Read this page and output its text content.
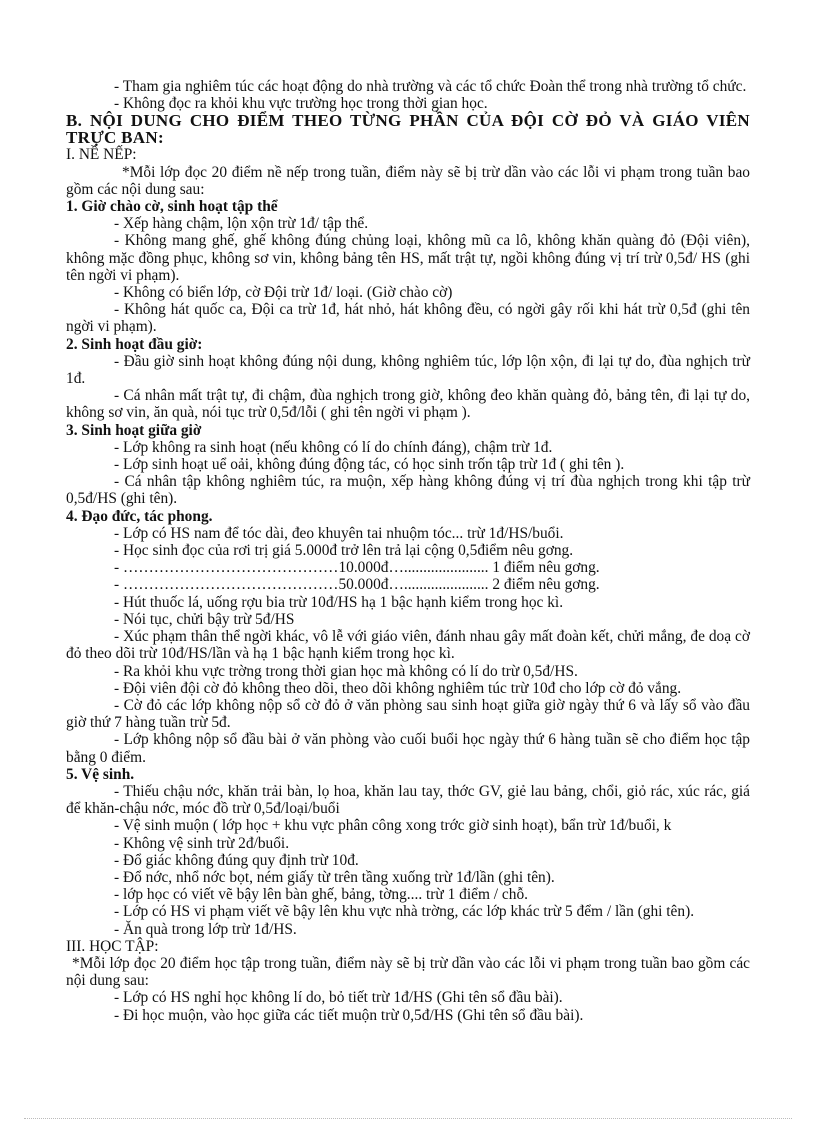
- Tham gia nghiêm túc các hoạt động do nhà trường và các tổ chức Đoàn thể trong nhà trường tổ chức.

- Không đọc ra khỏi khu vực trường học trong thời gian học.

B. NỘI DUNG CHO ĐIỂM THEO TỪNG PHẦN CỦA ĐỘI CỜ ĐỎ VÀ GIÁO VIÊN TRỰC BAN:

I. NỀ NẾP:

*Mỗi lớp đọc 20 điểm nề nếp trong tuần, điểm này sẽ bị trừ dần vào các lỗi vi phạm trong tuần bao gồm các nội dung sau:

1. Giờ chào cờ, sinh hoạt tập thể

- Xếp hàng chậm, lộn xộn trừ 1đ/ tập thể.

- Không mang ghế, ghế không đúng chủng loại, không mũ ca lô, không khăn quàng đỏ (Đội viên), không mặc đồng phục, không sơ vin, không bảng tên HS, mất trật tự, ngồi không đúng vị trí trừ 0,5đ/ HS (ghi tên ngời vi phạm).

- Không có biển lớp, cờ Đội trừ 1đ/ loại. (Giờ chào cờ)

- Không hát quốc ca, Đội ca trừ 1đ, hát nhỏ, hát không đều, có ngời gây rối khi hát trừ 0,5đ (ghi tên ngời vi phạm).

2. Sinh hoạt đầu giờ:

- Đầu giờ sinh hoạt không đúng nội dung, không nghiêm túc, lớp lộn xộn, đi lại tự do, đùa nghịch trừ 1đ.

- Cá nhân mất trật tự, đi chậm, đùa nghịch trong giờ, không đeo khăn quàng đỏ, bảng tên, đi lại tự do, không sơ vin, ăn quà, nói tục trừ 0,5đ/lỗi ( ghi tên ngời vi phạm ).

3. Sinh hoạt giữa giờ

- Lớp không ra sinh hoạt (nếu không có lí do chính đáng), chậm trừ 1đ.

- Lớp sinh hoạt uể oải, không đúng động tác, có học sinh trốn tập trừ 1đ ( ghi tên ).

- Cá nhân tập không nghiêm túc, ra muộn, xếp hàng không đúng vị trí đùa nghịch trong khi tập trừ 0,5đ/HS (ghi tên).

4. Đạo đức, tác phong.

- Lớp có HS nam để tóc dài, đeo khuyên tai nhuộm tóc... trừ 1đ/HS/buổi.

- Học sinh đọc của rơi trị giá 5.000đ trở lên trả lại cộng 0,5điểm nêu gơng.

- ……………………………………10.000đ…...................... 1 điểm nêu gơng.

- ……………………………………50.000đ…...................... 2 điểm nêu gơng.

- Hút thuốc lá, uống rợu bia trừ 10đ/HS hạ 1 bậc hạnh kiểm trong học kì.

- Nói tục, chửi bậy trừ 5đ/HS

- Xúc phạm thân thể ngời khác, vô lễ với giáo viên, đánh nhau gây mất đoàn kết, chửi mắng, đe doạ cờ đỏ theo dõi trừ 10đ/HS/lần và hạ 1 bậc hạnh kiểm trong học kì.

- Ra khỏi khu vực trờng trong thời gian học mà không có lí do trừ 0,5đ/HS.

- Đội viên đội cờ đỏ không theo dõi, theo dõi không nghiêm túc trừ 10đ cho lớp cờ đỏ vắng.

- Cờ đỏ các lớp không nộp sổ cờ đỏ ở văn phòng sau sinh hoạt giữa giờ ngày thứ 6 và lấy sổ vào đầu giờ thứ 7 hàng tuần trừ 5đ.

- Lớp không nộp sổ đầu bài ở văn phòng vào cuối buổi học ngày thứ 6 hàng tuần sẽ cho điểm học tập bằng 0 điểm.

5. Vệ sinh.

- Thiếu chậu nớc, khăn trải bàn, lọ hoa, khăn lau tay, thớc GV, giẻ lau bảng, chổi, giỏ rác, xúc rác, giá để khăn-chậu nớc, móc đồ trừ 0,5đ/loại/buổi

- Vệ sinh muộn ( lớp học + khu vực phân công xong trớc giờ sinh hoạt), bẩn trừ 1đ/buổi, k

- Không vệ sinh trừ 2đ/buổi.

- Đổ giác không đúng quy định trừ 10đ.

- Đổ nớc, nhổ nớc bọt, ném giấy từ trên tầng xuống trừ 1đ/lần (ghi tên).

- lớp học có viết vẽ bậy lên bàn ghế, bảng, tờng.... trừ 1 điểm / chỗ.

- Lớp có HS vi phạm viết vẽ bậy lên khu vực nhà trờng, các lớp khác trừ 5 đểm / lần (ghi tên).

- Ăn quà trong lớp trừ 1đ/HS.

III. HỌC TẬP:

*Mỗi lớp đọc 20 điểm học tập trong tuần, điểm này sẽ bị trừ dần vào các lỗi vi phạm trong tuần bao gồm các nội dung sau:

- Lớp có HS nghỉ học không lí do, bỏ tiết trừ 1đ/HS (Ghi tên sổ đầu bài).

- Đi học muộn, vào học giữa các tiết muộn trừ 0,5đ/HS (Ghi tên sổ đầu bài).
